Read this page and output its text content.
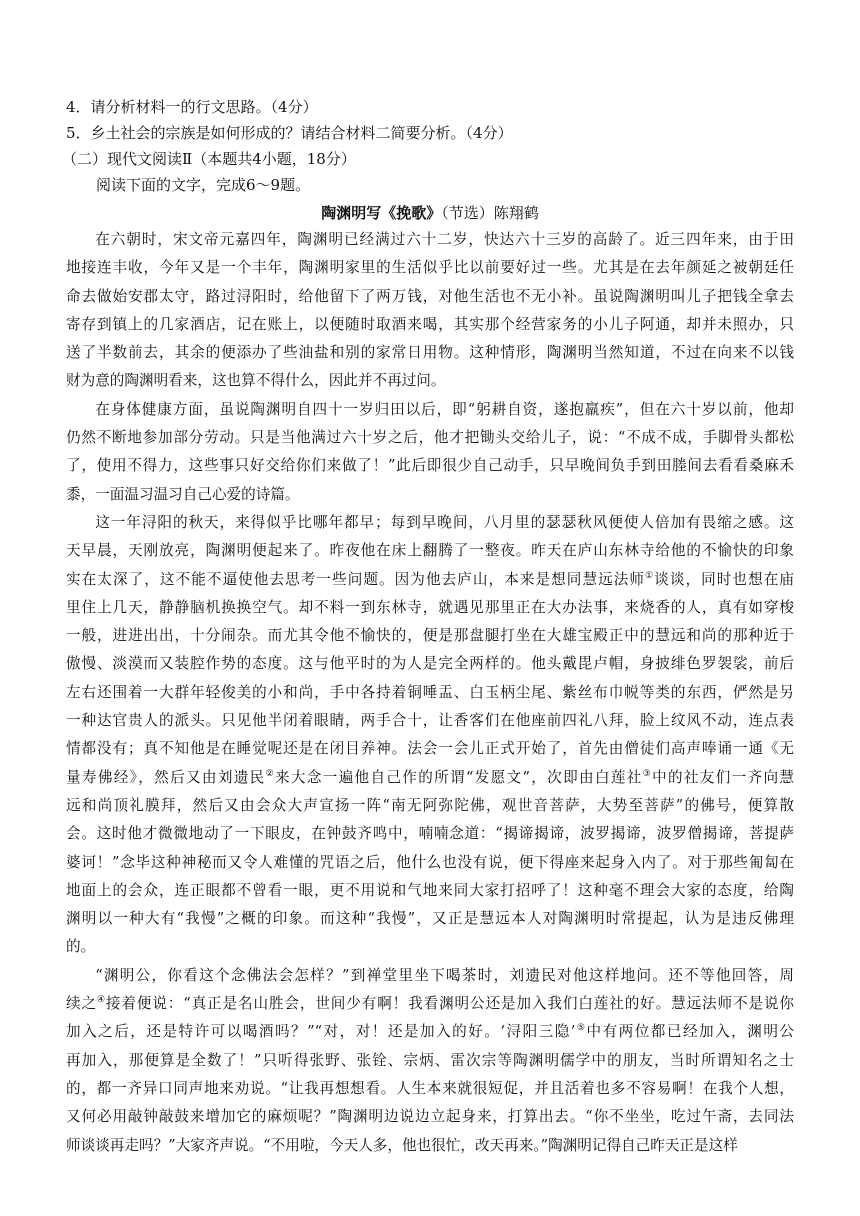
4．请分析材料一的行文思路。（4分）
5．乡土社会的宗族是如何形成的？请结合材料二简要分析。（4分）
（二）现代文阅读Ⅱ（本题共4小题，18分）
阅读下面的文字，完成6～9题。
陶渊明写《挽歌》（节选）陈翔鹤
在六朝时，宋文帝元嘉四年，陶渊明已经满过六十二岁，快达六十三岁的高龄了。近三四年来，由于田
地接连丰收，今年又是一个丰年，陶渊明家里的生活似乎比以前要好过一些。尤其是在去年颜延之被朝廷任
命去做始安郡太守，路过浔阳时，给他留下了两万钱，对他生活也不无小补。虽说陶渊明叫儿子把钱全拿去
寄存到镇上的几家酒店，记在账上，以便随时取酒来喝，其实那个经营家务的小儿子阿通，却并未照办，只
送了半数前去，其余的便添办了些油盐和别的家常日用物。这种情形，陶渊明当然知道，不过在向来不以钱
财为意的陶渊明看来，这也算不得什么，因此并不再过问。
在身体健康方面，虽说陶渊明自四十一岁归田以后，即“躬耕自资，遂抱羸疾”，但在六十岁以前，他却
仍然不断地参加部分劳动。只是当他满过六十岁之后，他才把锄头交给儿子，说：“不成不成，手脚骨头都松
了，使用不得力，这些事只好交给你们来做了！”此后即很少自己动手，只早晚间负手到田塍间去看看桑麻禾
黍，一面温习温习自己心爱的诗篇。
这一年浔阳的秋天，来得似乎比哪年都早；每到早晚间，八月里的瑟瑟秋风便使人倍加有畏缩之感。这
天早晨，天刚放亮，陶渊明便起来了。昨夜他在床上翻腾了一整夜。昨天在庐山东林寺给他的不愉快的印象
实在太深了，这不能不逼使他去思考一些问题。因为他去庐山，本来是想同慧远法师①谈谈，同时也想在庙
里住上几天，静静脑机换换空气。却不料一到东林寺，就遇见那里正在大办法事，来烧香的人，真有如穿梭
一般，进进出出，十分闹杂。而尤其令他不愉快的，便是那盘腿打坐在大雄宝殿正中的慧远和尚的那种近于
傲慢、淡漠而又装腔作势的态度。这与他平时的为人是完全两样的。他头戴毘卢帽，身披绯色罗袈裟，前后
左右还围着一大群年轻俊美的小和尚，手中各持着铜唾盂、白玉柄尘尾、紫丝布巾帨等类的东西，俨然是另
一种达官贵人的派头。只见他半闭着眼睛，两手合十，让香客们在他座前四礼八拜，脸上纹风不动，连点表
情都没有；真不知他是在睡觉呢还是在闭目养神。法会一会儿正式开始了，首先由僧徒们高声唪诵一通《无
量寿佛经》，然后又由刘遗民②来大念一遍他自己作的所谓“发愿文”，次即由白莲社③中的社友们一齐向慧
远和尚顶礼膜拜，然后又由会众大声宣扬一阵“南无阿弥陀佛，观世音菩萨，大势至菩萨”的佛号，便算散
会。这时他才微微地动了一下眼皮，在钟鼓齐鸣中，喃喃念道：“揭谛揭谛，波罗揭谛，波罗僧揭谛，菩提萨
婆诃！”念毕这种神秘而又令人难懂的咒语之后，他什么也没有说，便下得座来起身入内了。对于那些匍匐在
地面上的会众，连正眼都不曾看一眼，更不用说和气地来同大家打招呼了！这种毫不理会大家的态度，给陶
渊明以一种大有“我慢”之概的印象。而这种“我慢”，又正是慧远本人对陶渊明时常提起，认为是违反佛理
的。
“渊明公，你看这个念佛法会怎样？”到禅堂里坐下喝茶时，刘遗民对他这样地问。还不等他回答，周
续之④接着便说：“真正是名山胜会，世间少有啊！我看渊明公还是加入我们白莲社的好。慧远法师不是说你
加入之后，还是特许可以喝酒吗？”“对，对！还是加入的好。‘浔阳三隐’⑤中有两位都已经加入，渊明公
再加入，那便算是全数了！”只听得张野、张铨、宗炳、雷次宗等陶渊明儒学中的朋友，当时所谓知名之士
的，都一齐异口同声地来劝说。“让我再想想看。人生本来就很短促，并且活着也多不容易啊！在我个人想，
又何必用敲钟敲鼓来增加它的麻烦呢？”陶渊明边说边立起身来，打算出去。“你不坐坐，吃过午斋，去同法
师谈谈再走吗？”大家齐声说。“不用啦，今天人多，他也很忙，改天再来。”陶渊明记得自己昨天正是这样
